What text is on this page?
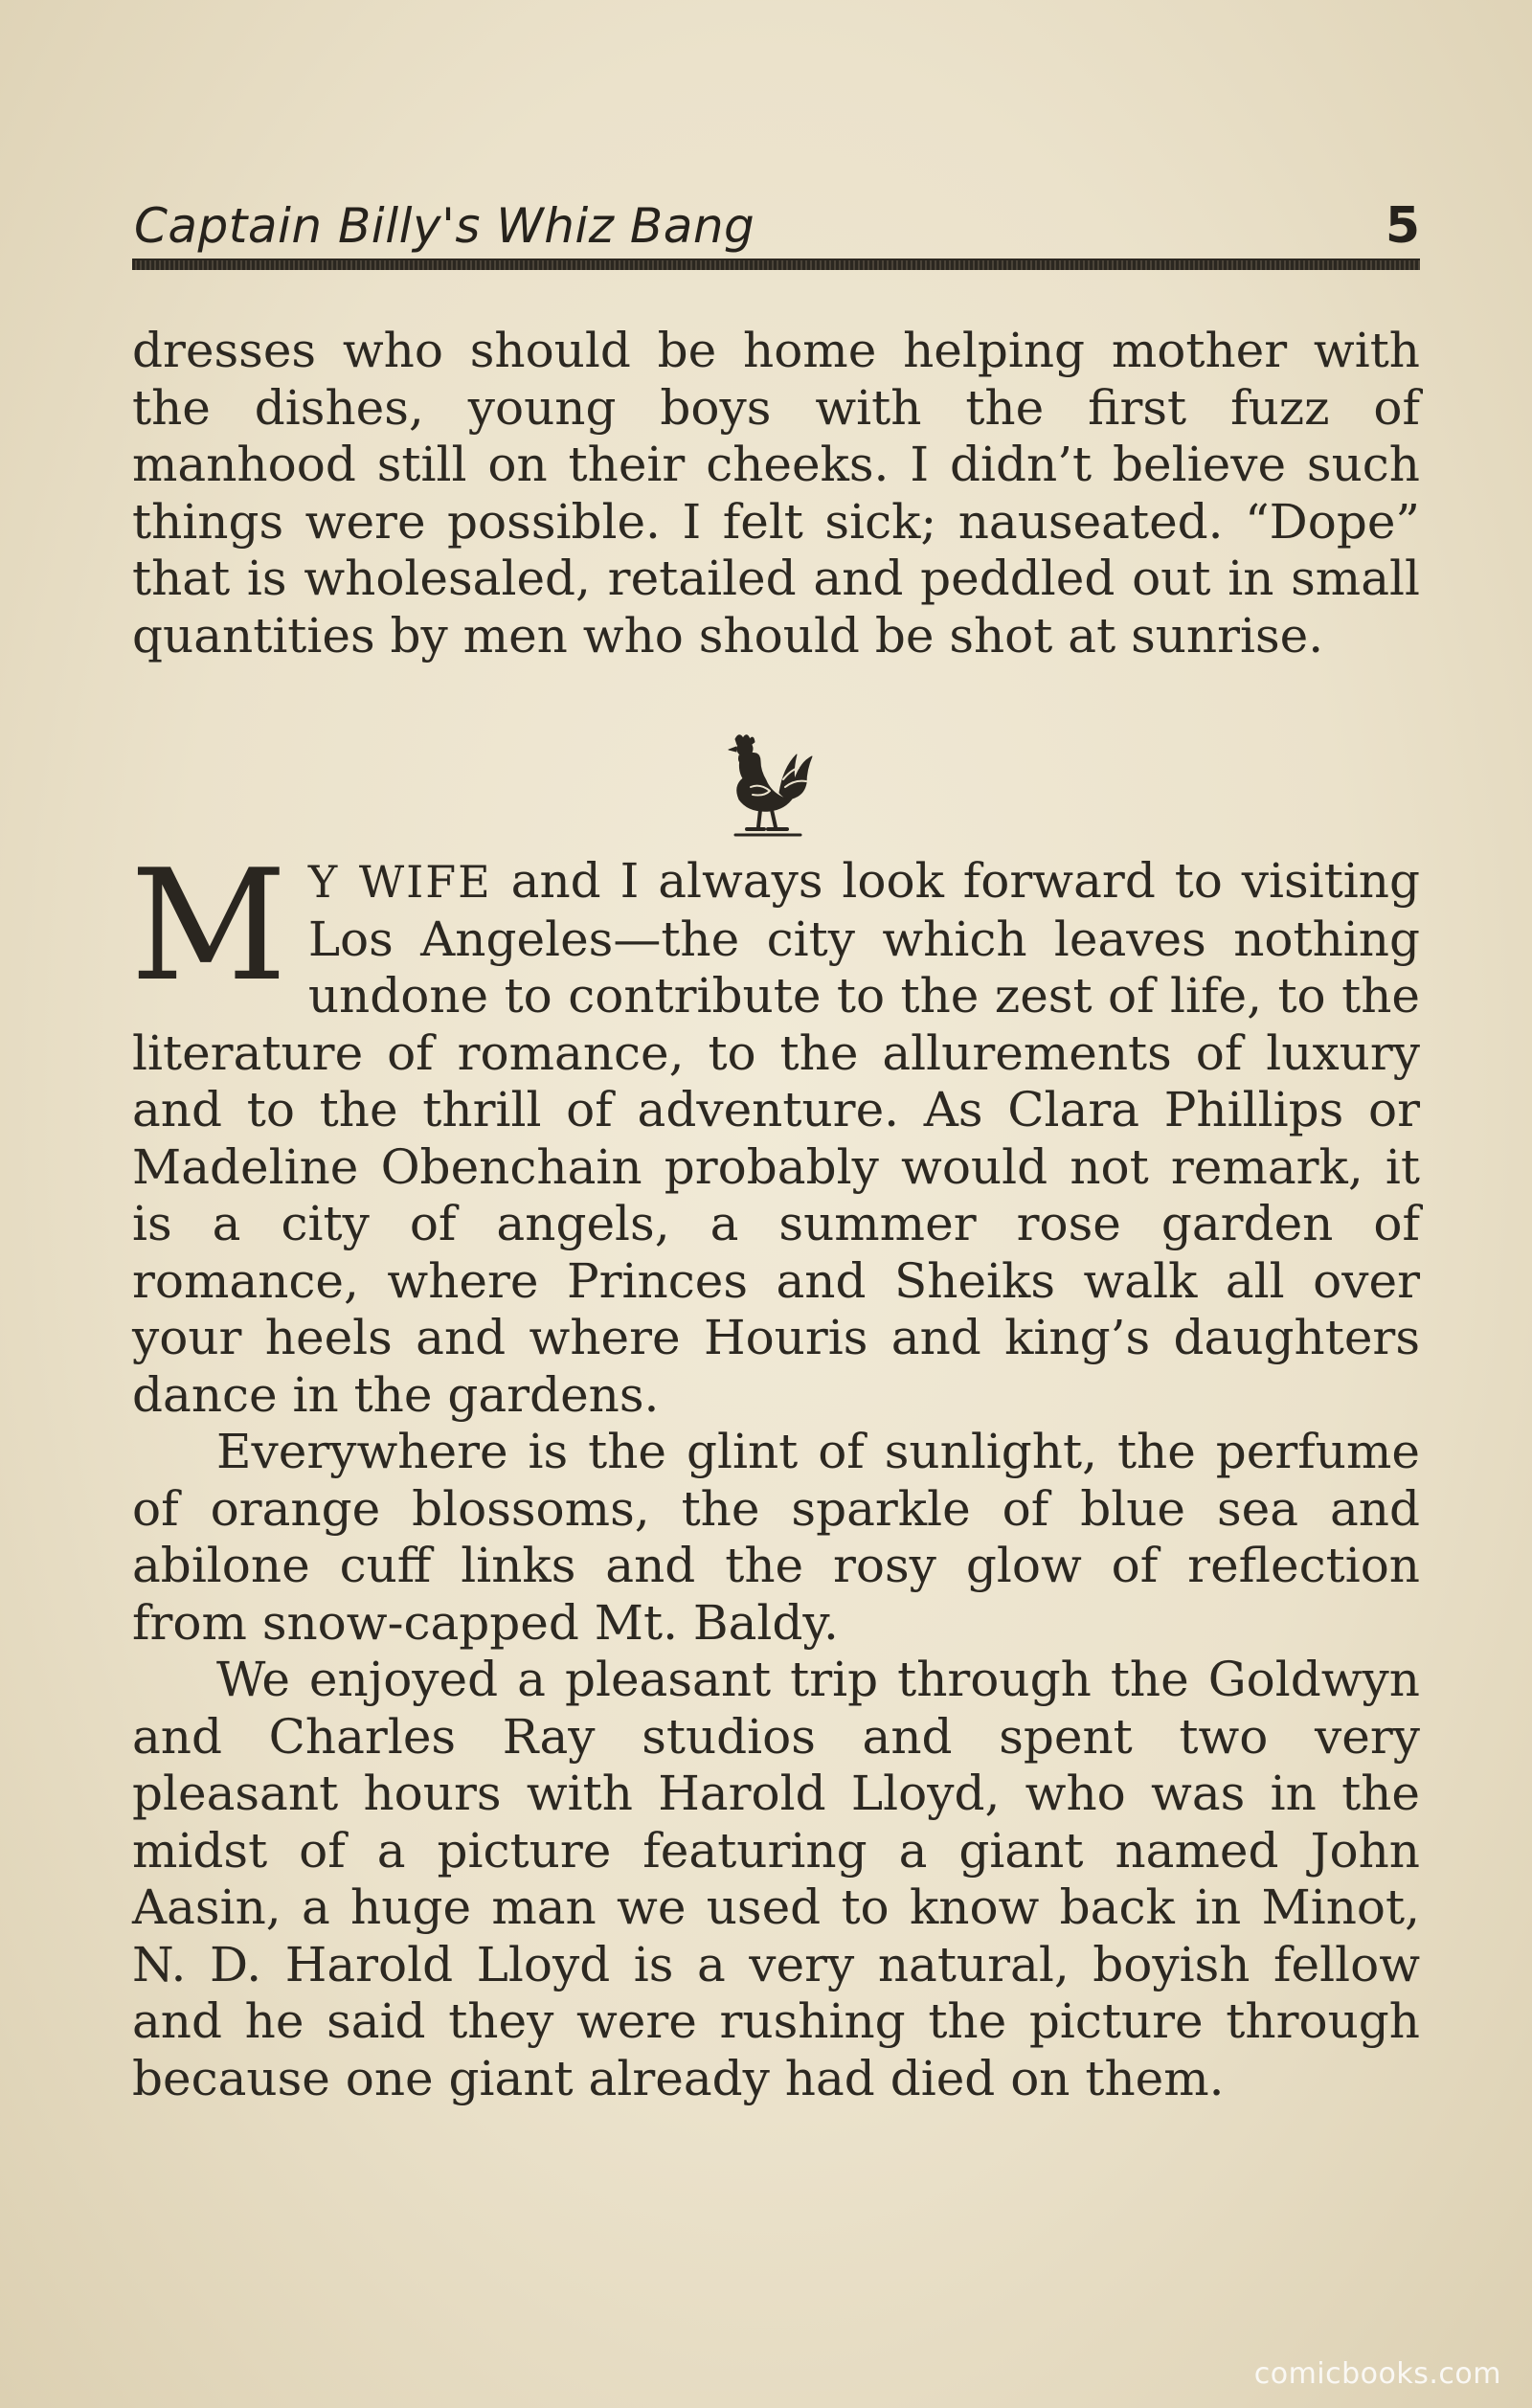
Captain Billy's Whiz Bang	5

dresses who should be home helping mother with the dishes, young boys with the first fuzz of manhood still on their cheeks. I didn’t believe such things were possible. I felt sick; nauseated. “Dope” that is wholesaled, retailed and peddled out in small quantities by men who should be shot at sunrise.

M Y WIFE and I always look forward to visiting Los Angeles—the city which leaves nothing undone to contribute to the zest of life, to the literature of romance, to the allurements of luxury and to the thrill of adventure. As Clara Phillips or Madeline Obenchain probably would not remark, it is a city of angels, a summer rose garden of romance, where Princes and Sheiks walk all over your heels and where Houris and king’s daughters dance in the gardens.

Everywhere is the glint of sunlight, the perfume of orange blossoms, the sparkle of blue sea and abilone cuff links and the rosy glow of reflection from snow-capped Mt. Baldy.

We enjoyed a pleasant trip through the Goldwyn and Charles Ray studios and spent two very pleasant hours with Harold Lloyd, who was in the midst of a picture featuring a giant named John Aasin, a huge man we used to know back in Minot, N. D. Harold Lloyd is a very natural, boyish fellow and he said they were rushing the picture through because one giant already had died on them.

comicbooks.com
